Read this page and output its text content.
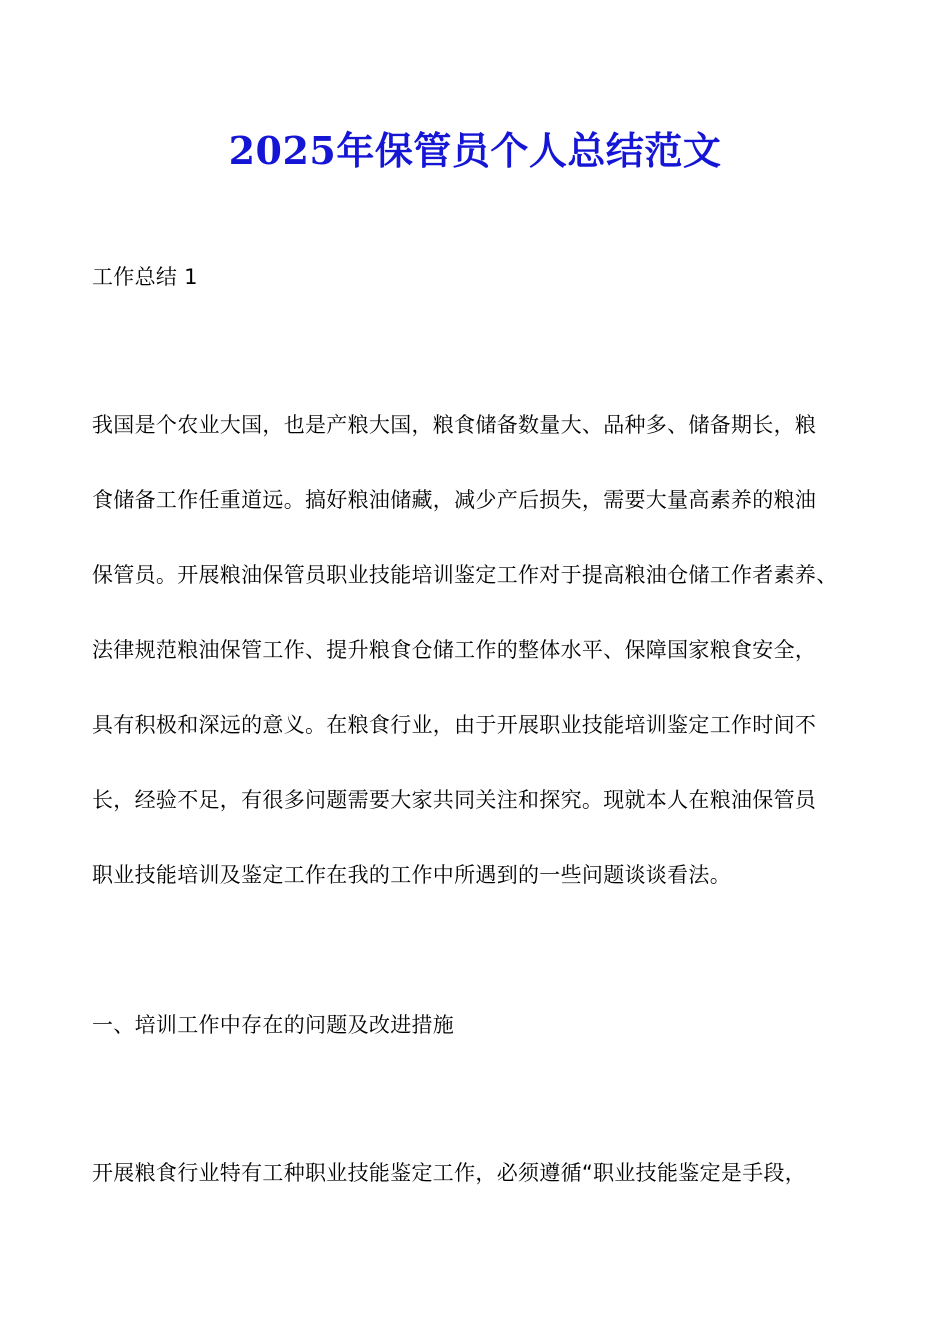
2025年保管员个人总结范文
工作总结 1
我国是个农业大国，也是产粮大国，粮食储备数量大、品种多、储备期长，粮
食储备工作任重道远。搞好粮油储藏，减少产后损失，需要大量高素养的粮油
保管员。开展粮油保管员职业技能培训鉴定工作对于提高粮油仓储工作者素养、
法律规范粮油保管工作、提升粮食仓储工作的整体水平、保障国家粮食安全，
具有积极和深远的意义。在粮食行业，由于开展职业技能培训鉴定工作时间不
长，经验不足，有很多问题需要大家共同关注和探究。现就本人在粮油保管员
职业技能培训及鉴定工作在我的工作中所遇到的一些问题谈谈看法。
一、培训工作中存在的问题及改进措施
开展粮食行业特有工种职业技能鉴定工作，必须遵循“职业技能鉴定是手段，
